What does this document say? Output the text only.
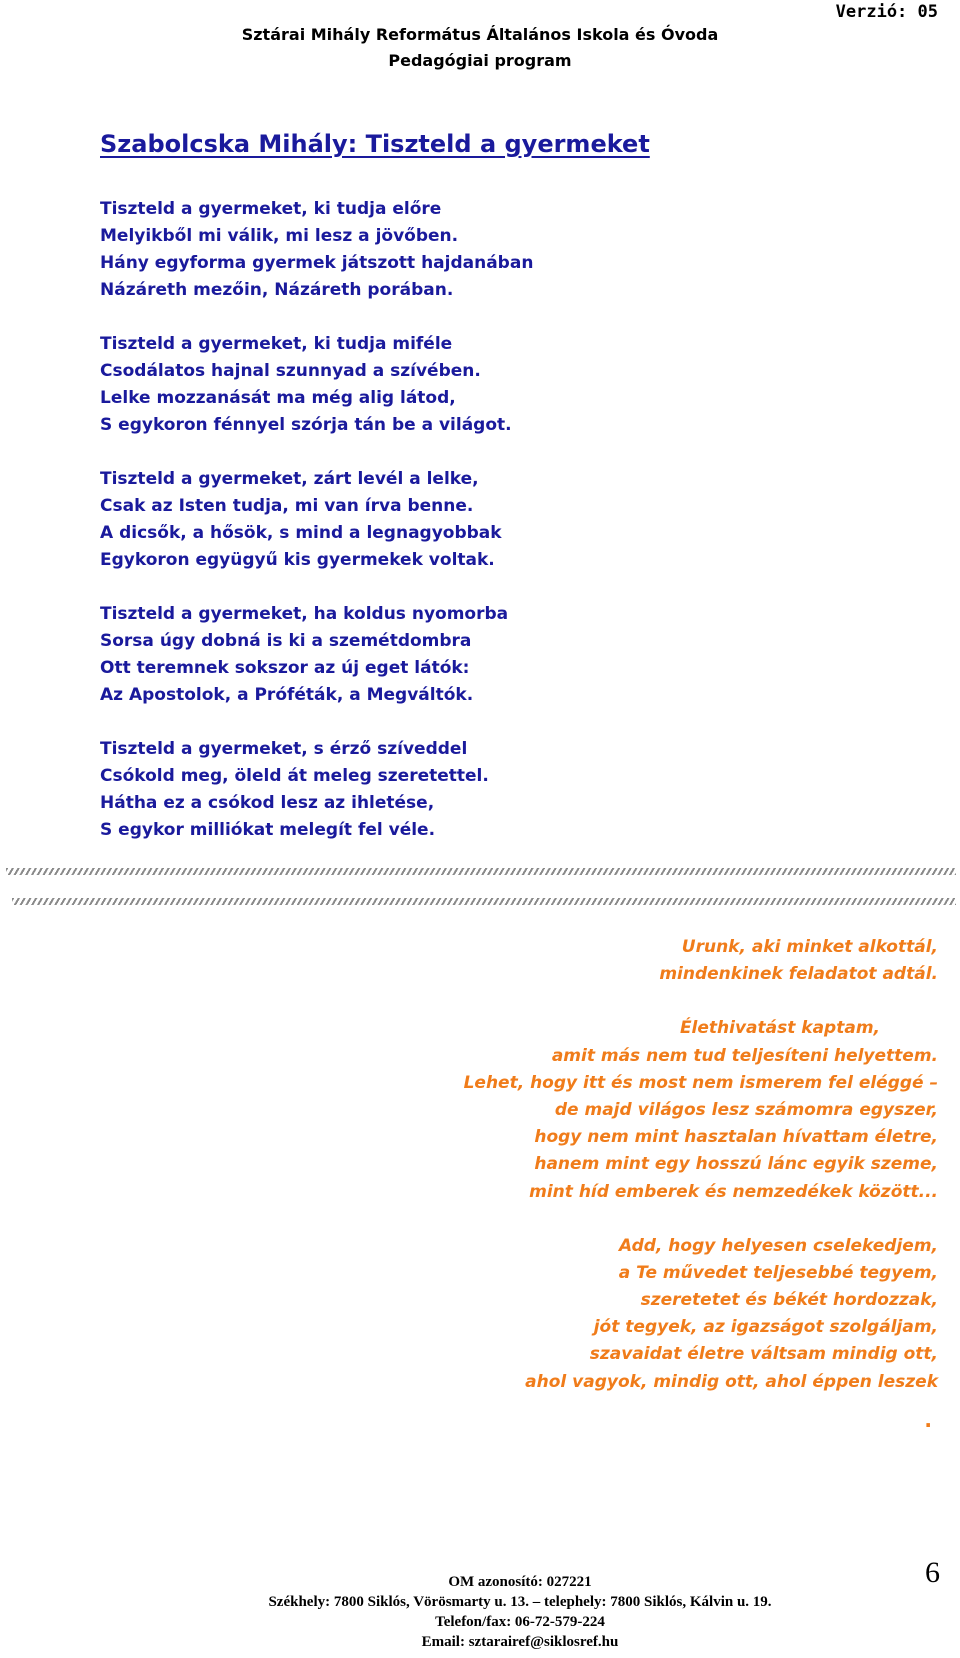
Verzió: 05
Sztárai Mihály Református Általános Iskola és Óvoda
Pedagógiai program
Szabolcska Mihály: Tiszteld a gyermeket
Tiszteld a gyermeket, ki tudja előre
Melyikből mi válik, mi lesz a jövőben.
Hány egyforma gyermek játszott hajdanában
Názáreth mezőin, Názáreth porában.
Tiszteld a gyermeket, ki tudja miféle
Csodálatos hajnal szunnyad a szívében.
Lelke mozzanását ma még alig látod,
S egykoron fénnyel szórja tán be a világot.
Tiszteld a gyermeket, zárt levél a lelke,
Csak az Isten tudja, mi van írva benne.
A dicsők, a hősök, s mind a legnagyobbak
Egykoron együgyű kis gyermekek voltak.
Tiszteld a gyermeket, ha koldus nyomorba
Sorsa úgy dobná is ki a szemétdombra
Ott teremnek sokszor az új eget látók:
Az Apostolok, a Próféták, a Megváltók.
Tiszteld a gyermeket, s érző szíveddel
Csókold meg, öleld át meleg szeretettel.
Hátha ez a csókod lesz az ihletése,
S egykor milliókat melegít fel véle.
Urunk, aki minket alkottál,
mindenkinek feladatot adtál.
Élethivatást kaptam,
amit más nem tud teljesíteni helyettem.
Lehet, hogy itt és most nem ismerem fel eléggé –
de majd világos lesz számomra egyszer,
hogy nem mint hasztalan hívattam életre,
hanem mint egy hosszú lánc egyik szeme,
mint híd emberek és nemzedékek között...
Add, hogy helyesen cselekedjem,
a Te művedet teljesebbé tegyem,
szeretetet és békét hordozzak,
jót tegyek, az igazságot szolgáljam,
szavaidat életre váltsam mindig ott,
ahol vagyok, mindig ott, ahol éppen leszek
.
OM azonosító: 027221
Székhely: 7800 Siklós, Vörösmarty u. 13. – telephely: 7800 Siklós, Kálvin u. 19.
Telefon/fax: 06-72-579-224
Email: sztarairef@siklosref.hu
6
